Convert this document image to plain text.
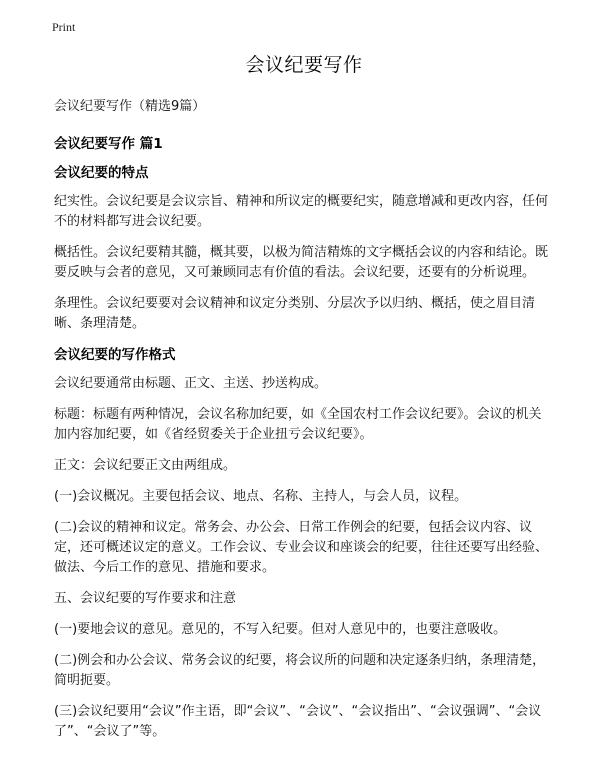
Print
会议纪要写作

会议纪要写作（精选9篇）

会议纪要写作 篇1
会议纪要的特点

纪实性。会议纪要是会议宗旨、精神和所议定的概要纪实，随意增减和更改内容，任何不的材料都写进会议纪要。

概括性。会议纪要精其髓，概其要，以极为简洁精炼的文字概括会议的内容和结论。既要反映与会者的意见，又可兼顾同志有价值的看法。会议纪要，还要有的分析说理。

条理性。会议纪要要对会议精神和议定分类别、分层次予以归纳、概括，使之眉目清晰、条理清楚。

会议纪要的写作格式

会议纪要通常由标题、正文、主送、抄送构成。

标题：标题有两种情况，会议名称加纪要，如《全国农村工作会议纪要》。会议的机关加内容加纪要，如《省经贸委关于企业扭亏会议纪要》。

正文：会议纪要正文由两组成。

(一)会议概况。主要包括会议、地点、名称、主持人，与会人员，议程。

(二)会议的精神和议定。常务会、办公会、日常工作例会的纪要，包括会议内容、议定，还可概述议定的意义。工作会议、专业会议和座谈会的纪要，往往还要写出经验、做法、今后工作的意见、措施和要求。

五、会议纪要的写作要求和注意

(一)要地会议的意见。意见的，不写入纪要。但对人意见中的，也要注意吸收。

(二)例会和办公会议、常务会议的纪要，将会议所的问题和决定逐条归纳，条理清楚，简明扼要。

(三)会议纪要用“会议”作主语，即“会议”、“会议”、“会议指出”、“会议强调”、“会议了”、“会议了”等。
